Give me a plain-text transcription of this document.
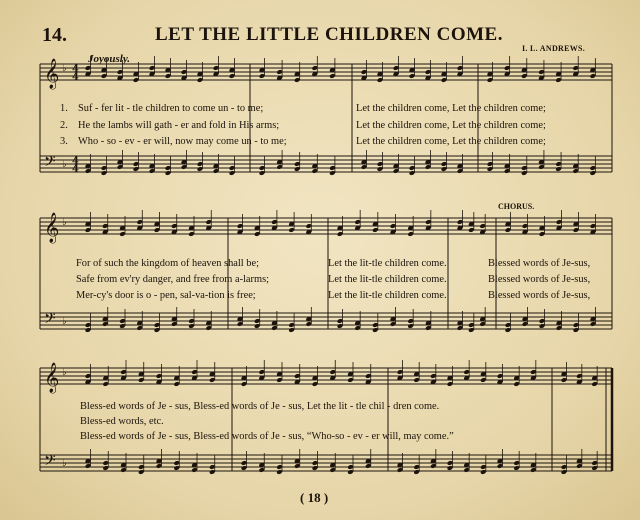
𝄞
𝄢
♭
♭
4
4
4
4
𝄞
𝄢
♭
♭
𝄞
𝄢
♭
♭
14.	LET THE LITTLE CHILDREN COME.
I. L. ANDREWS.
Joyously.
1. Suf - fer lit - tle children to come un - to me;
2. He the lambs will gath - er and fold in His arms;
3. Who - so - ev - er will, now may come un - to me;
Let the children come, Let the children come;
Let the children come, Let the children come;
Let the children come, Let the children come;
CHORUS.
For of such the kingdom of heaven shall be;
Safe from ev'ry danger, and free from a-larms;
Mer-cy's door is o - pen, sal-va-tion is free;
Let the lit-tle children come.
Let the lit-tle children come.
Let the lit-tle children come.
Blessed words of Je-sus,
Blessed words of Je-sus,
Blessed words of Je-sus,
Bless-ed words of Je - sus, Bless-ed words of Je - sus, Let the lit - tle chil - dren come.
Bless-ed words, etc.
Bless-ed words of Je - sus, Bless-ed words of Je - sus, “Who-so - ev - er will, may come.”
( 18 )
